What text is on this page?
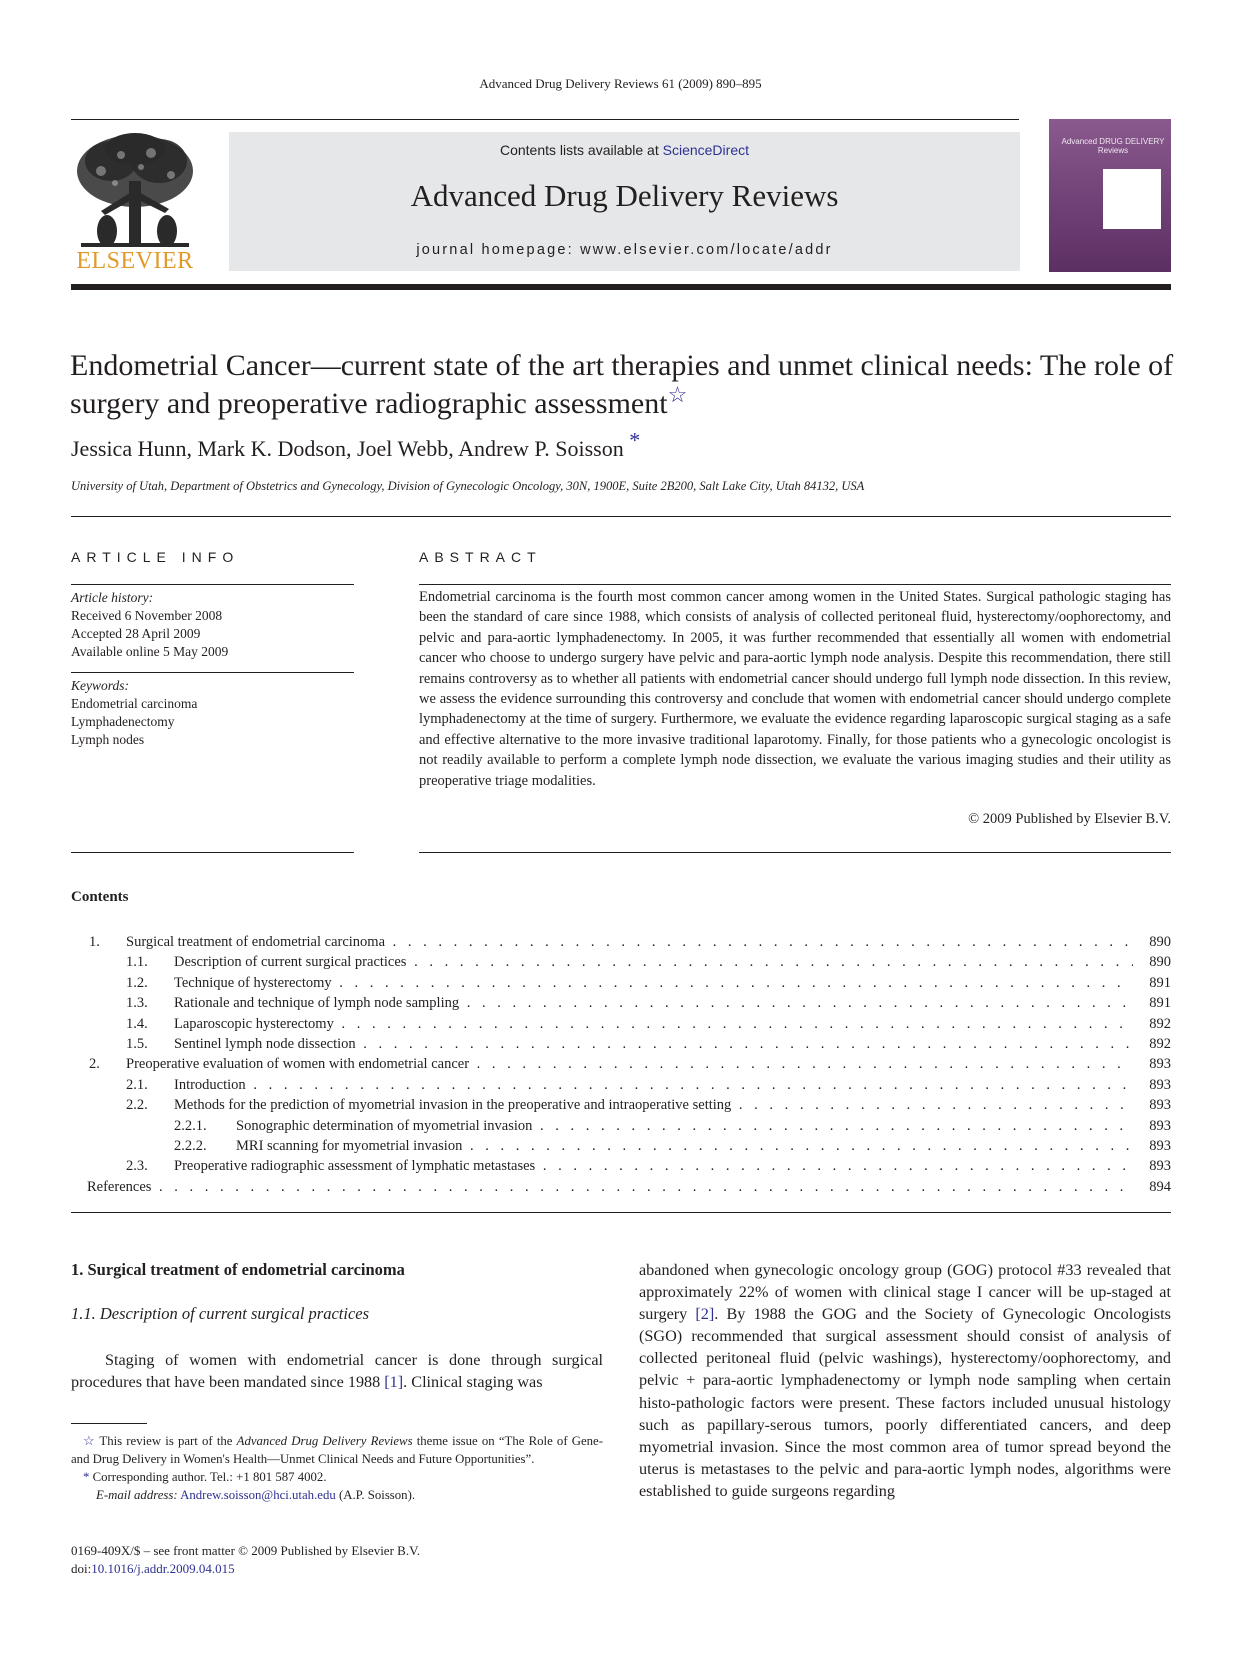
Advanced Drug Delivery Reviews 61 (2009) 890–895
ELSEVIER
Contents lists available at ScienceDirect
Advanced Drug Delivery Reviews
journal homepage: www.elsevier.com/locate/addr
Advanced DRUG DELIVERY Reviews
Endometrial Cancer—current state of the art therapies and unmet clinical needs: The role of surgery and preoperative radiographic assessment☆
Jessica Hunn, Mark K. Dodson, Joel Webb, Andrew P. Soisson *
University of Utah, Department of Obstetrics and Gynecology, Division of Gynecologic Oncology, 30N, 1900E, Suite 2B200, Salt Lake City, Utah 84132, USA
ARTICLE INFO
Article history:
Received 6 November 2008
Accepted 28 April 2009
Available online 5 May 2009
Keywords:
Endometrial carcinoma
Lymphadenectomy
Lymph nodes
ABSTRACT
Endometrial carcinoma is the fourth most common cancer among women in the United States. Surgical pathologic staging has been the standard of care since 1988, which consists of analysis of collected peritoneal fluid, hysterectomy/oophorectomy, and pelvic and para-aortic lymphadenectomy. In 2005, it was further recommended that essentially all women with endometrial cancer who choose to undergo surgery have pelvic and para-aortic lymph node analysis. Despite this recommendation, there still remains controversy as to whether all patients with endometrial cancer should undergo full lymph node dissection. In this review, we assess the evidence surrounding this controversy and conclude that women with endometrial cancer should undergo complete lymphadenectomy at the time of surgery. Furthermore, we evaluate the evidence regarding laparoscopic surgical staging as a safe and effective alternative to the more invasive traditional laparotomy. Finally, for those patients who a gynecologic oncologist is not readily available to perform a complete lymph node dissection, we evaluate the various imaging studies and their utility as preoperative triage modalities.
© 2009 Published by Elsevier B.V.
Contents
1. Surgical treatment of endometrial carcinoma . . .	890
1.1. Description of current surgical practices . . .	890
1.2. Technique of hysterectomy . . .	891
1.3. Rationale and technique of lymph node sampling . . .	891
1.4. Laparoscopic hysterectomy . . .	892
1.5. Sentinel lymph node dissection . . .	892
2. Preoperative evaluation of women with endometrial cancer . . .	893
2.1. Introduction . . .	893
2.2. Methods for the prediction of myometrial invasion in the preoperative and intraoperative setting . . .	893
2.2.1. Sonographic determination of myometrial invasion . . .	893
2.2.2. MRI scanning for myometrial invasion . . .	893
2.3. Preoperative radiographic assessment of lymphatic metastases . . .	893
References . . .	894
1. Surgical treatment of endometrial carcinoma
1.1. Description of current surgical practices
Staging of women with endometrial cancer is done through surgical procedures that have been mandated since 1988 [1]. Clinical staging was
abandoned when gynecologic oncology group (GOG) protocol #33 revealed that approximately 22% of women with clinical stage I cancer will be up-staged at surgery [2]. By 1988 the GOG and the Society of Gynecologic Oncologists (SGO) recommended that surgical assessment should consist of analysis of collected peritoneal fluid (pelvic washings), hysterectomy/oophorectomy, and pelvic + para-aortic lymphadenectomy or lymph node sampling when certain histo-pathologic factors were present. These factors included unusual histology such as papillary-serous tumors, poorly differentiated cancers, and deep myometrial invasion. Since the most common area of tumor spread beyond the uterus is metastases to the pelvic and para-aortic lymph nodes, algorithms were established to guide surgeons regarding
☆ This review is part of the Advanced Drug Delivery Reviews theme issue on “The Role of Gene- and Drug Delivery in Women's Health—Unmet Clinical Needs and Future Opportunities”.
* Corresponding author. Tel.: +1 801 587 4002.
E-mail address: Andrew.soisson@hci.utah.edu (A.P. Soisson).
0169-409X/$ – see front matter © 2009 Published by Elsevier B.V.
doi:10.1016/j.addr.2009.04.015
